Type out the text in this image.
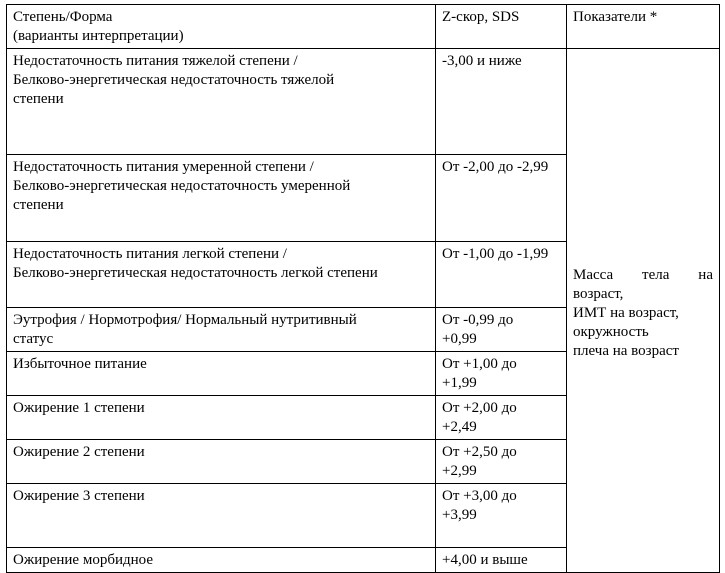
Степень/Форма
(варианты интерпретации)	Z-скор, SDS	Показатели *
Недостаточность питания тяжелой степени /
Белково-энергетическая недостаточность тяжелой
степени	-3,00 и ниже	Масса тела на
возраст,
ИМТ на возраст,
окружность
плеча на возраст

Недостаточность питания умеренной степени /
Белково-энергетическая недостаточность умеренной
степени	От -2,00 до -2,99	
Недостаточность питания легкой степени /
Белково-энергетическая недостаточность легкой степени	От -1,00 до -1,99	
Эутрофия / Нормотрофия/ Нормальный нутритивный
статус	От -0,99 до
+0,99	
Избыточное питание	От +1,00 до
+1,99	
Ожирение 1 степени	От +2,00 до
+2,49	
Ожирение 2 степени	От +2,50 до
+2,99	
Ожирение 3 степени	От +3,00 до
+3,99	
Ожирение морбидное	+4,00 и выше	
